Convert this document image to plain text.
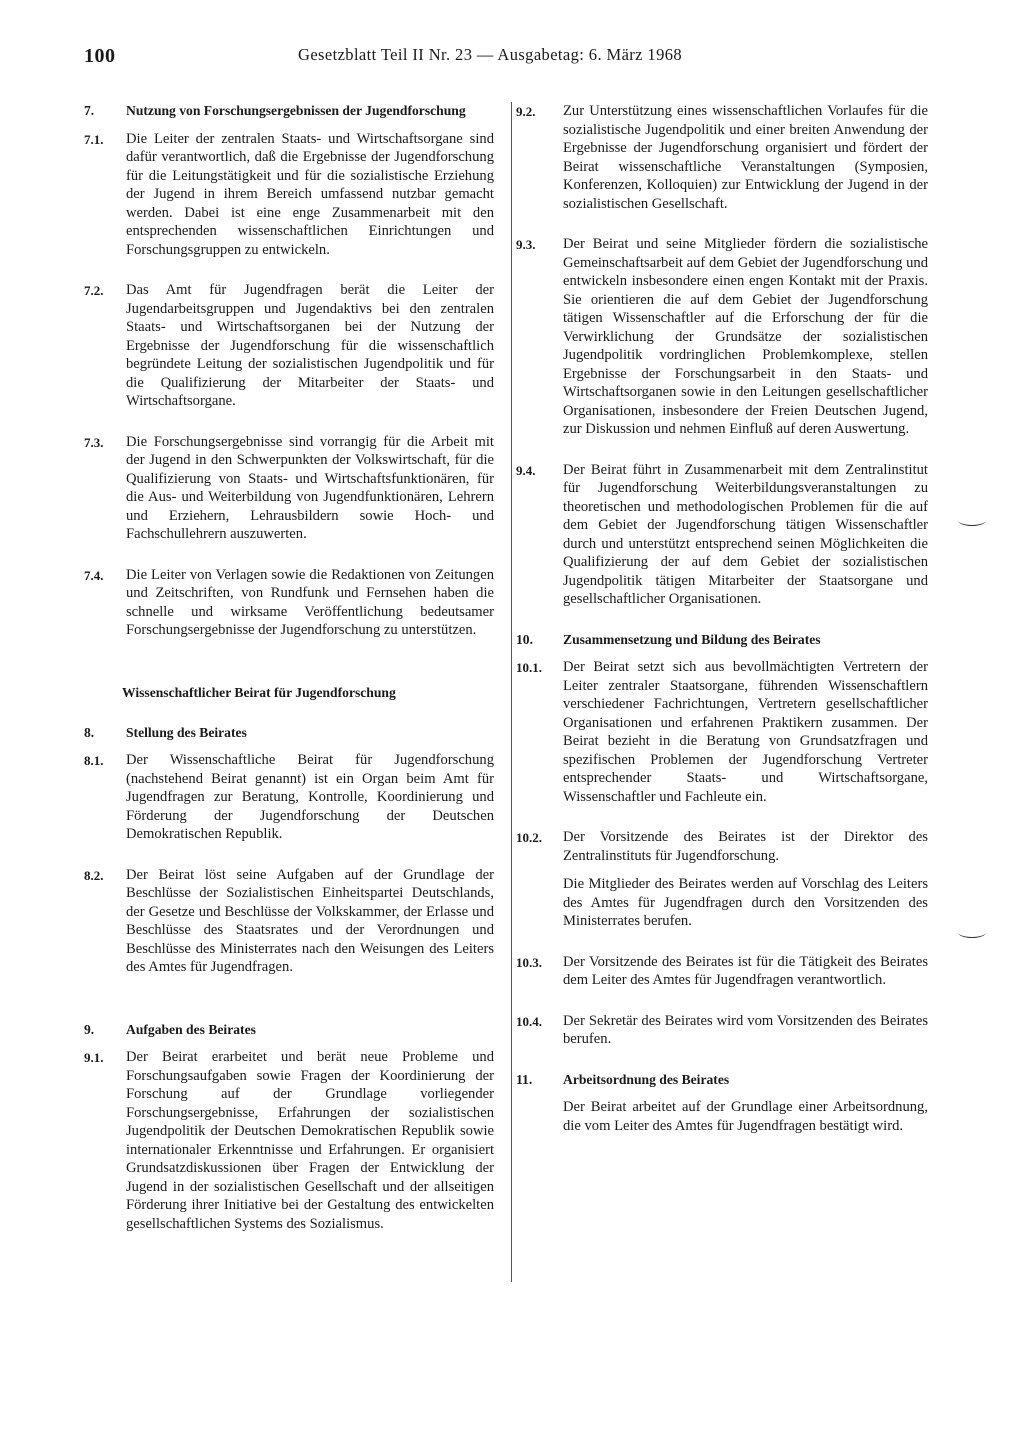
100	Gesetzblatt Teil II Nr. 23 — Ausgabetag: 6. März 1968
7.	Nutzung von Forschungsergebnissen der Jugendforschung
7.1.	Die Leiter der zentralen Staats- und Wirtschaftsorgane sind dafür verantwortlich, daß die Ergebnisse der Jugendforschung für die Leitungstätigkeit und für die sozialistische Erziehung der Jugend in ihrem Bereich umfassend nutzbar gemacht werden. Dabei ist eine enge Zusammenarbeit mit den entsprechenden wissenschaftlichen Einrichtungen und Forschungsgruppen zu entwickeln.
7.2.	Das Amt für Jugendfragen berät die Leiter der Jugendarbeitsgruppen und Jugendaktivs bei den zentralen Staats- und Wirtschaftsorganen bei der Nutzung der Ergebnisse der Jugendforschung für die wissenschaftlich begründete Leitung der sozialistischen Jugendpolitik und für die Qualifizierung der Mitarbeiter der Staats- und Wirtschaftsorgane.
7.3.	Die Forschungsergebnisse sind vorrangig für die Arbeit mit der Jugend in den Schwerpunkten der Volkswirtschaft, für die Qualifizierung von Staats- und Wirtschaftsfunktionären, für die Aus- und Weiterbildung von Jugendfunktionären, Lehrern und Erziehern, Lehrausbildern sowie Hoch- und Fachschullehrern auszuwerten.
7.4.	Die Leiter von Verlagen sowie die Redaktionen von Zeitungen und Zeitschriften, von Rundfunk und Fernsehen haben die schnelle und wirksame Veröffentlichung bedeutsamer Forschungsergebnisse der Jugendforschung zu unterstützen.
Wissenschaftlicher Beirat für Jugendforschung
8.	Stellung des Beirates
8.1.	Der Wissenschaftliche Beirat für Jugendforschung (nachstehend Beirat genannt) ist ein Organ beim Amt für Jugendfragen zur Beratung, Kontrolle, Koordinierung und Förderung der Jugendforschung der Deutschen Demokratischen Republik.
8.2.	Der Beirat löst seine Aufgaben auf der Grundlage der Beschlüsse der Sozialistischen Einheitspartei Deutschlands, der Gesetze und Beschlüsse der Volkskammer, der Erlasse und Beschlüsse des Staatsrates und der Verordnungen und Beschlüsse des Ministerrates nach den Weisungen des Leiters des Amtes für Jugendfragen.
9.	Aufgaben des Beirates
9.1.	Der Beirat erarbeitet und berät neue Probleme und Forschungsaufgaben sowie Fragen der Koordinierung der Forschung auf der Grundlage vorliegender Forschungsergebnisse, Erfahrungen der sozialistischen Jugendpolitik der Deutschen Demokratischen Republik sowie internationaler Erkenntnisse und Erfahrungen. Er organisiert Grundsatzdiskussionen über Fragen der Entwicklung der Jugend in der sozialistischen Gesellschaft und der allseitigen Förderung ihrer Initiative bei der Gestaltung des entwickelten gesellschaftlichen Systems des Sozialismus.
9.2.	Zur Unterstützung eines wissenschaftlichen Vorlaufes für die sozialistische Jugendpolitik und einer breiten Anwendung der Ergebnisse der Jugendforschung organisiert und fördert der Beirat wissenschaftliche Veranstaltungen (Symposien, Konferenzen, Kolloquien) zur Entwicklung der Jugend in der sozialistischen Gesellschaft.
9.3.	Der Beirat und seine Mitglieder fördern die sozialistische Gemeinschaftsarbeit auf dem Gebiet der Jugendforschung und entwickeln insbesondere einen engen Kontakt mit der Praxis. Sie orientieren die auf dem Gebiet der Jugendforschung tätigen Wissenschaftler auf die Erforschung der für die Verwirklichung der Grundsätze der sozialistischen Jugendpolitik vordringlichen Problemkomplexe, stellen Ergebnisse der Forschungsarbeit in den Staats- und Wirtschaftsorganen sowie in den Leitungen gesellschaftlicher Organisationen, insbesondere der Freien Deutschen Jugend, zur Diskussion und nehmen Einfluß auf deren Auswertung.
9.4.	Der Beirat führt in Zusammenarbeit mit dem Zentralinstitut für Jugendforschung Weiterbildungsveranstaltungen zu theoretischen und methodologischen Problemen für die auf dem Gebiet der Jugendforschung tätigen Wissenschaftler durch und unterstützt entsprechend seinen Möglichkeiten die Qualifizierung der auf dem Gebiet der sozialistischen Jugendpolitik tätigen Mitarbeiter der Staatsorgane und gesellschaftlicher Organisationen.
10.	Zusammensetzung und Bildung des Beirates
10.1.	Der Beirat setzt sich aus bevollmächtigten Vertretern der Leiter zentraler Staatsorgane, führenden Wissenschaftlern verschiedener Fachrichtungen, Vertretern gesellschaftlicher Organisationen und erfahrenen Praktikern zusammen. Der Beirat bezieht in die Beratung von Grundsatzfragen und spezifischen Problemen der Jugendforschung Vertreter entsprechender Staats- und Wirtschaftsorgane, Wissenschaftler und Fachleute ein.
10.2.	Der Vorsitzende des Beirates ist der Direktor des Zentralinstituts für Jugendforschung.
Die Mitglieder des Beirates werden auf Vorschlag des Leiters des Amtes für Jugendfragen durch den Vorsitzenden des Ministerrates berufen.
10.3.	Der Vorsitzende des Beirates ist für die Tätigkeit des Beirates dem Leiter des Amtes für Jugendfragen verantwortlich.
10.4.	Der Sekretär des Beirates wird vom Vorsitzenden des Beirates berufen.
11.	Arbeitsordnung des Beirates
Der Beirat arbeitet auf der Grundlage einer Arbeitsordnung, die vom Leiter des Amtes für Jugendfragen bestätigt wird.
